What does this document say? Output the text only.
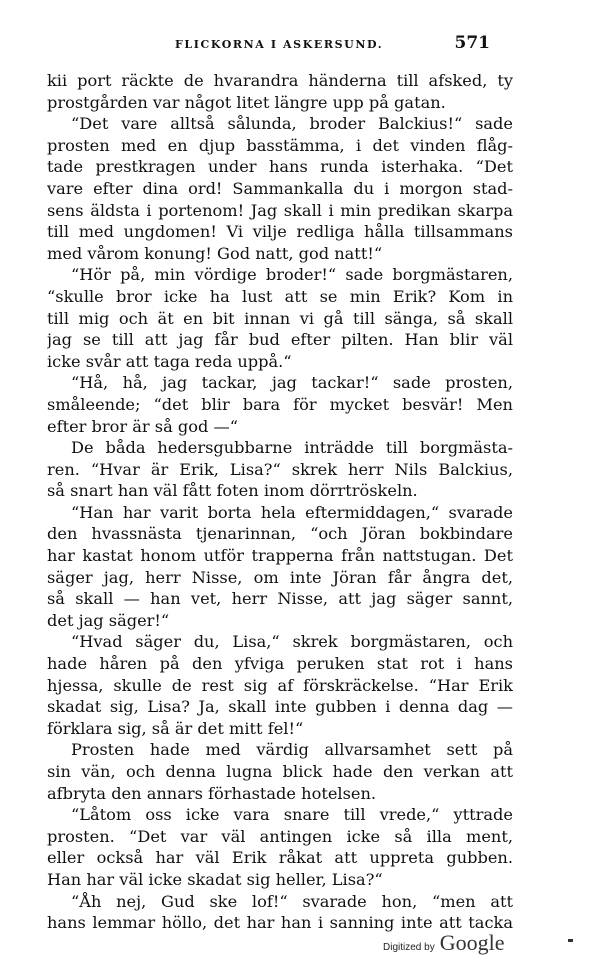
FLICKORNA I ASKERSUND.	571
kii port räckte de hvarandra händerna till afsked, ty
prostgården var något litet längre upp på gatan.
“Det vare alltså sålunda, broder Balckius!“ sade
prosten med en djup basstämma, i det vinden flåg-
tade prestkragen under hans runda isterhaka. “Det
vare efter dina ord! Sammankalla du i morgon stad-
sens äldsta i portenom! Jag skall i min predikan skarpa
till med ungdomen! Vi vilje redliga hålla tillsammans
med vårom konung! God natt, god natt!“
“Hör på, min vördige broder!“ sade borgmästaren,
“skulle bror icke ha lust att se min Erik? Kom in
till mig och ät en bit innan vi gå till sänga, så skall
jag se till att jag får bud efter pilten. Han blir väl
icke svår att taga reda uppå.“
“Hå, hå, jag tackar, jag tackar!“ sade prosten,
småleende; “det blir bara för mycket besvär! Men
efter bror är så god —“
De båda hedersgubbarne inträdde till borgmästa-
ren. “Hvar är Erik, Lisa?“ skrek herr Nils Balckius,
så snart han väl fått foten inom dörrtröskeln.
“Han har varit borta hela eftermiddagen,“ svarade
den hvassnästa tjenarinnan, “och Jöran bokbindare
har kastat honom utför trapperna från nattstugan. Det
säger jag, herr Nisse, om inte Jöran får ångra det,
så skall — han vet, herr Nisse, att jag säger sannt,
det jag säger!“
“Hvad säger du, Lisa,“ skrek borgmästaren, och
hade håren på den yfviga peruken stat rot i hans
hjessa, skulle de rest sig af förskräckelse. “Har Erik
skadat sig, Lisa? Ja, skall inte gubben i denna dag —
förklara sig, så är det mitt fel!“
Prosten hade med värdig allvarsamhet sett på
sin vän, och denna lugna blick hade den verkan att
afbryta den annars förhastade hotelsen.
“Låtom oss icke vara snare till vrede,“ yttrade
prosten. “Det var väl antingen icke så illa ment,
eller också har väl Erik råkat att uppreta gubben.
Han har väl icke skadat sig heller, Lisa?“
“Åh nej, Gud ske lof!“ svarade hon, “men att
hans lemmar höllo, det har han i sanning inte att tacka
Digitized by Google
